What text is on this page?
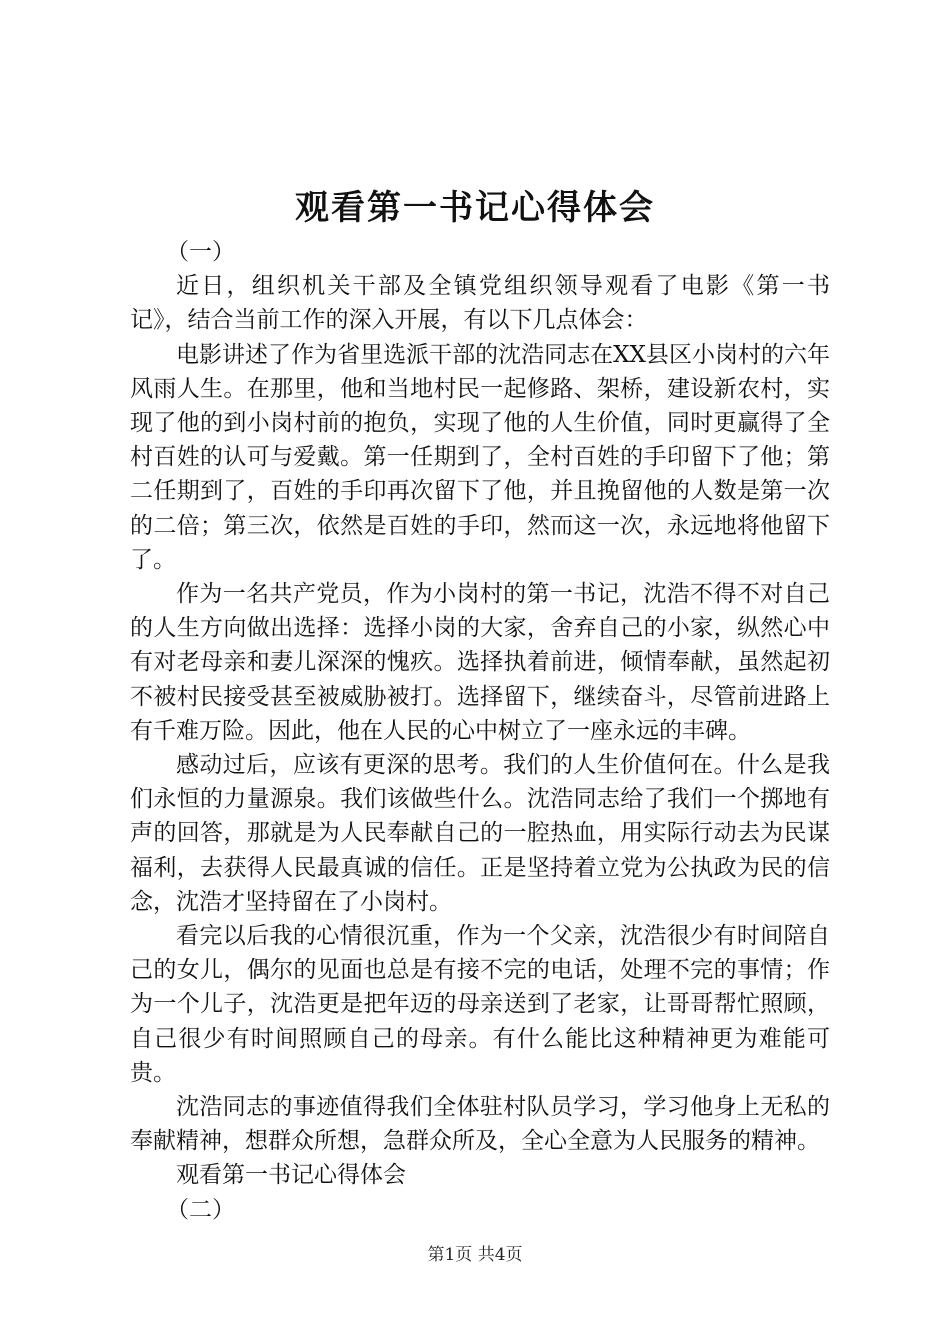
观看第一书记心得体会

（一）

近日，组织机关干部及全镇党组织领导观看了电影《第一书记》，结合当前工作的深入开展，有以下几点体会：

电影讲述了作为省里选派干部的沈浩同志在XX县区小岗村的六年风雨人生。在那里，他和当地村民一起修路、架桥，建设新农村，实现了他的到小岗村前的抱负，实现了他的人生价值，同时更赢得了全村百姓的认可与爱戴。第一任期到了，全村百姓的手印留下了他；第二任期到了，百姓的手印再次留下了他，并且挽留他的人数是第一次的二倍；第三次，依然是百姓的手印，然而这一次，永远地将他留下了。

作为一名共产党员，作为小岗村的第一书记，沈浩不得不对自己的人生方向做出选择：选择小岗的大家，舍弃自己的小家，纵然心中有对老母亲和妻儿深深的愧疚。选择执着前进，倾情奉献，虽然起初不被村民接受甚至被威胁被打。选择留下，继续奋斗，尽管前进路上有千难万险。因此，他在人民的心中树立了一座永远的丰碑。

感动过后，应该有更深的思考。我们的人生价值何在。什么是我们永恒的力量源泉。我们该做些什么。沈浩同志给了我们一个掷地有声的回答，那就是为人民奉献自己的一腔热血，用实际行动去为民谋福利，去获得人民最真诚的信任。正是坚持着立党为公执政为民的信念，沈浩才坚持留在了小岗村。

看完以后我的心情很沉重，作为一个父亲，沈浩很少有时间陪自己的女儿，偶尔的见面也总是有接不完的电话，处理不完的事情；作为一个儿子，沈浩更是把年迈的母亲送到了老家，让哥哥帮忙照顾，自己很少有时间照顾自己的母亲。有什么能比这种精神更为难能可贵。

沈浩同志的事迹值得我们全体驻村队员学习，学习他身上无私的奉献精神，想群众所想，急群众所及，全心全意为人民服务的精神。

观看第一书记心得体会

（二）

第1页 共4页
